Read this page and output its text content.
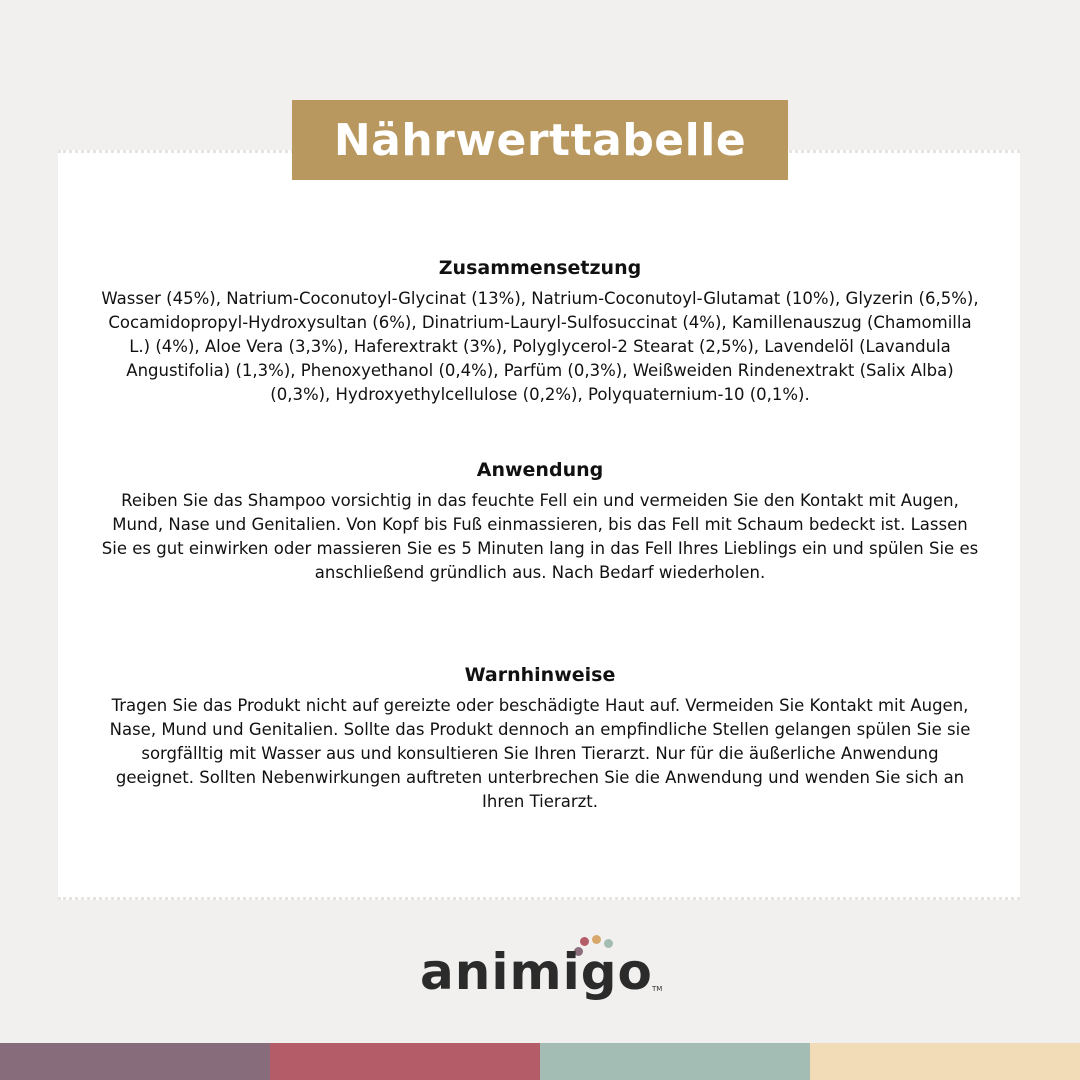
Nährwerttabelle
Zusammensetzung

Wasser (45%), Natrium-Coconutoyl-Glycinat (13%), Natrium-Coconutoyl-Glutamat (10%), Glyzerin (6,5%), Cocamidopropyl-Hydroxysultan (6%), Dinatrium-Lauryl-Sulfosuccinat (4%), Kamillenauszug (Chamomilla L.) (4%), Aloe Vera (3,3%), Haferextrakt (3%), Polyglycerol-2 Stearat (2,5%), Lavendelöl (Lavandula Angustifolia) (1,3%), Phenoxyethanol (0,4%), Parfüm (0,3%), Weißweiden Rindenextrakt (Salix Alba) (0,3%), Hydroxyethylcellulose (0,2%), Polyquaternium-10 (0,1%).

Anwendung

Reiben Sie das Shampoo vorsichtig in das feuchte Fell ein und vermeiden Sie den Kontakt mit Augen, Mund, Nase und Genitalien. Von Kopf bis Fuß einmassieren, bis das Fell mit Schaum bedeckt ist. Lassen Sie es gut einwirken oder massieren Sie es 5 Minuten lang in das Fell Ihres Lieblings ein und spülen Sie es anschließend gründlich aus. Nach Bedarf wiederholen.

Warnhinweise

Tragen Sie das Produkt nicht auf gereizte oder beschädigte Haut auf. Vermeiden Sie Kontakt mit Augen, Nase, Mund und Genitalien. Sollte das Produkt dennoch an empfindliche Stellen gelangen spülen Sie sie sorgfälltig mit Wasser aus und konsultieren Sie Ihren Tierarzt. Nur für die äußerliche Anwendung geeignet. Sollten Nebenwirkungen auftreten unterbrechen Sie die Anwendung und wenden Sie sich an Ihren Tierarzt.

animigo TM
